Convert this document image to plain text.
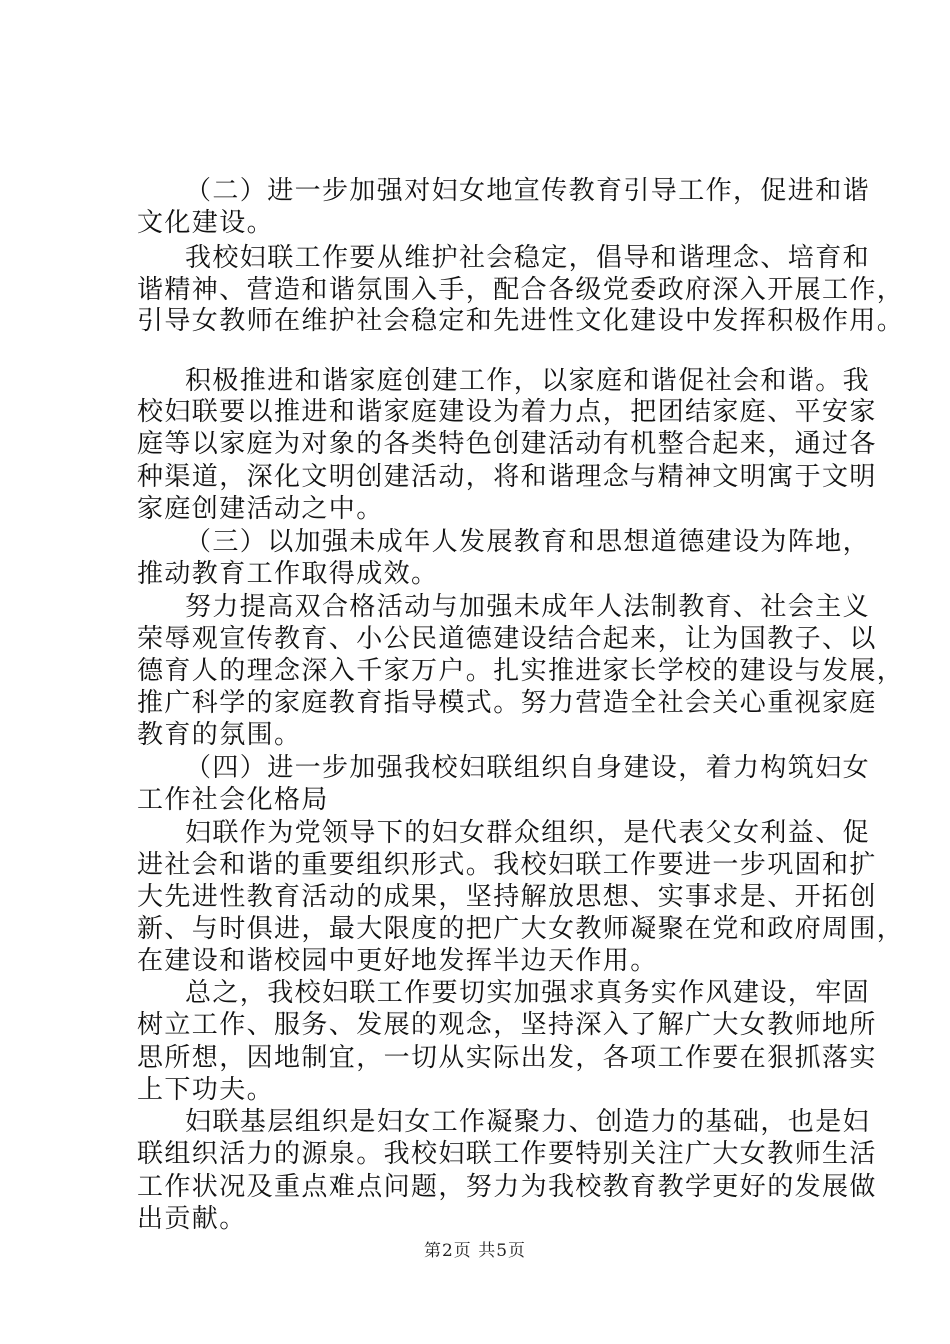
（二）进一步加强对妇女地宣传教育引导工作，促进和谐
文化建设。
我校妇联工作要从维护社会稳定，倡导和谐理念、培育和
谐精神、营造和谐氛围入手，配合各级党委政府深入开展工作，
引导女教师在维护社会稳定和先进性文化建设中发挥积极作用。
积极推进和谐家庭创建工作，以家庭和谐促社会和谐。我
校妇联要以推进和谐家庭建设为着力点，把团结家庭、平安家
庭等以家庭为对象的各类特色创建活动有机整合起来，通过各
种渠道，深化文明创建活动，将和谐理念与精神文明寓于文明
家庭创建活动之中。
（三）以加强未成年人发展教育和思想道德建设为阵地，
推动教育工作取得成效。
努力提高双合格活动与加强未成年人法制教育、社会主义
荣辱观宣传教育、小公民道德建设结合起来，让为国教子、以
德育人的理念深入千家万户。扎实推进家长学校的建设与发展，
推广科学的家庭教育指导模式。努力营造全社会关心重视家庭
教育的氛围。
（四）进一步加强我校妇联组织自身建设，着力构筑妇女
工作社会化格局
妇联作为党领导下的妇女群众组织，是代表父女利益、促
进社会和谐的重要组织形式。我校妇联工作要进一步巩固和扩
大先进性教育活动的成果，坚持解放思想、实事求是、开拓创
新、与时俱进，最大限度的把广大女教师凝聚在党和政府周围，
在建设和谐校园中更好地发挥半边天作用。
总之，我校妇联工作要切实加强求真务实作风建设，牢固
树立工作、服务、发展的观念，坚持深入了解广大女教师地所
思所想，因地制宜，一切从实际出发，各项工作要在狠抓落实
上下功夫。
妇联基层组织是妇女工作凝聚力、创造力的基础，也是妇
联组织活力的源泉。我校妇联工作要特别关注广大女教师生活
工作状况及重点难点问题，努力为我校教育教学更好的发展做
出贡献。
第2页 共5页
